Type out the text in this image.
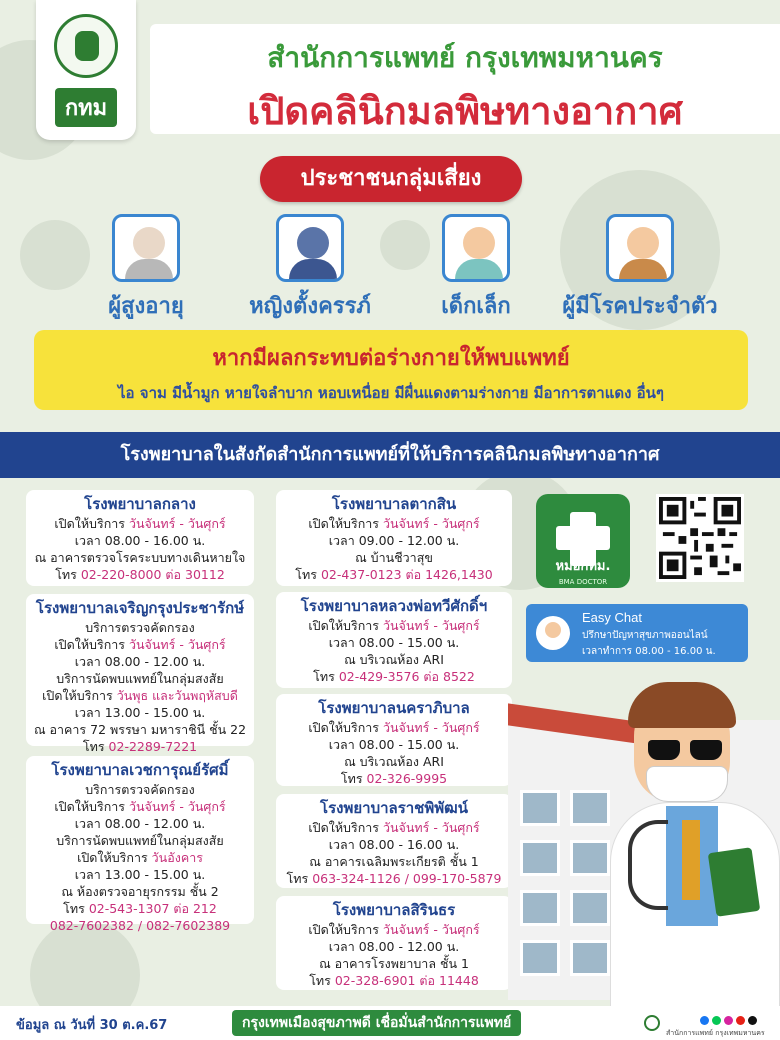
กทม
สำนักการแพทย์ กรุงเทพมหานคร
เปิดคลินิกมลพิษทางอากาศ
ประชาชนกลุ่มเสี่ยง
ผู้สูงอายุ	หญิงตั้งครรภ์	เด็กเล็ก	ผู้มีโรคประจำตัว
หากมีผลกระทบต่อร่างกายให้พบแพทย์
ไอ จาม มีน้ำมูก หายใจลำบาก หอบเหนื่อย มีผื่นแดงตามร่างกาย มีอาการตาแดง อื่นๆ
โรงพยาบาลในสังกัดสำนักการแพทย์ที่ให้บริการคลินิกมลพิษทางอากาศ
โรงพยาบาลกลาง
เปิดให้บริการ วันจันทร์ - วันศุกร์
เวลา 08.00 - 16.00 น.
ณ อาคารตรวจโรคระบบทางเดินหายใจ
โทร 02-220-8000 ต่อ 30112
โรงพยาบาลเจริญกรุงประชารักษ์
บริการตรวจคัดกรอง
เปิดให้บริการ วันจันทร์ - วันศุกร์
เวลา 08.00 - 12.00 น.
บริการนัดพบแพทย์ในกลุ่มสงสัย
เปิดให้บริการ วันพุธ และวันพฤหัสบดี
เวลา 13.00 - 15.00 น.
ณ อาคาร 72 พรรษา มหาราชินี ชั้น 22
โทร 02-2289-7221
โรงพยาบาลเวชการุณย์รัศมิ์
บริการตรวจคัดกรอง
เปิดให้บริการ วันจันทร์ - วันศุกร์
เวลา 08.00 - 12.00 น.
บริการนัดพบแพทย์ในกลุ่มสงสัย
เปิดให้บริการ วันอังคาร
เวลา 13.00 - 15.00 น.
ณ ห้องตรวจอายุรกรรม ชั้น 2
โทร 02-543-1307 ต่อ 212
082-7602382 / 082-7602389
โรงพยาบาลตากสิน
เปิดให้บริการ วันจันทร์ - วันศุกร์
เวลา 09.00 - 12.00 น.
ณ บ้านชีวาสุข
โทร 02-437-0123 ต่อ 1426,1430
โรงพยาบาลหลวงพ่อทวีศักดิ์ฯ
เปิดให้บริการ วันจันทร์ - วันศุกร์
เวลา 08.00 - 15.00 น.
ณ บริเวณห้อง ARI
โทร 02-429-3576 ต่อ 8522
โรงพยาบาลนคราภิบาล
เปิดให้บริการ วันจันทร์ - วันศุกร์
เวลา 08.00 - 15.00 น.
ณ บริเวณห้อง ARI
โทร 02-326-9995
โรงพยาบาลราชพิพัฒน์
เปิดให้บริการ วันจันทร์ - วันศุกร์
เวลา 08.00 - 16.00 น.
ณ อาคารเฉลิมพระเกียรติ ชั้น 1
โทร 063-324-1126 / 099-170-5879
โรงพยาบาลสิรินธร
เปิดให้บริการ วันจันทร์ - วันศุกร์
เวลา 08.00 - 12.00 น.
ณ อาคารโรงพยาบาล ชั้น 1
โทร 02-328-6901 ต่อ 11448
หมอกทม.
BMA DOCTOR
Easy Chat
ปรึกษาปัญหาสุขภาพออนไลน์
เวลาทำการ 08.00 - 16.00 น.
ข้อมูล ณ วันที่ 30 ต.ค.67	กรุงเทพเมืองสุขภาพดี เชื่อมั่นสำนักการแพทย์
สำนักการแพทย์ กรุงเทพมหานคร
